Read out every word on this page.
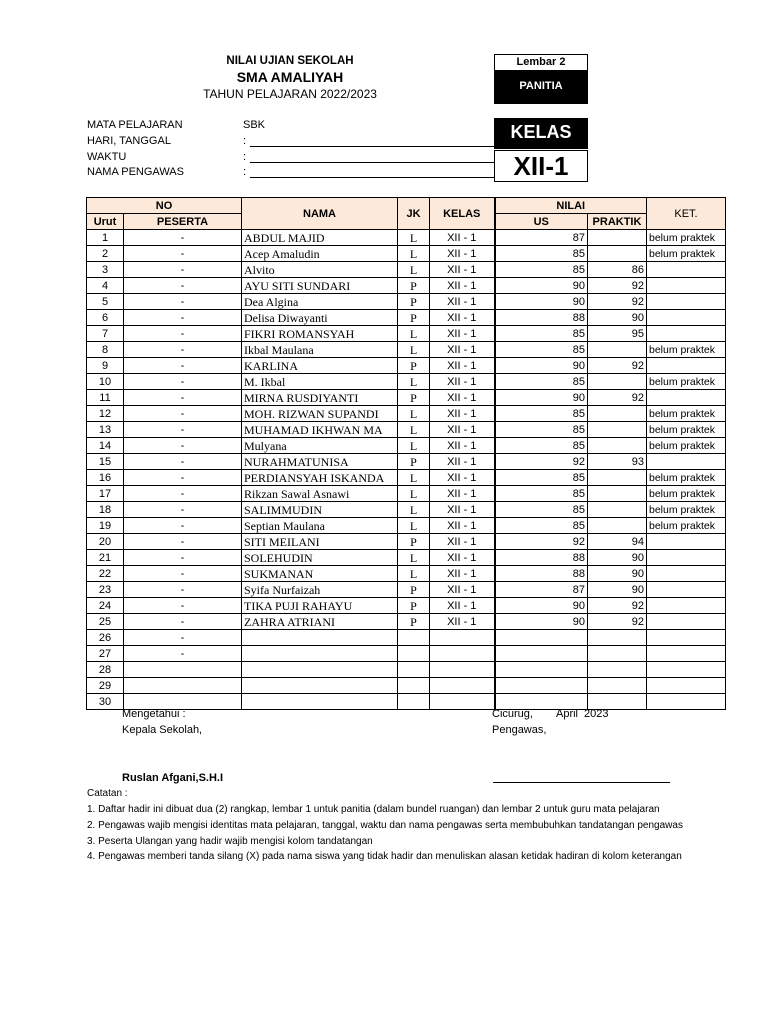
NILAI UJIAN SEKOLAH
SMA AMALIYAH
TAHUN PELAJARAN 2022/2023
Lembar 2
PANITIA
KELAS
XII-1
MATA PELAJARAN	SBK
HARI, TANGGAL	:
WAKTU	:
NAMA PENGAWAS	:
NO		NAMA	JK	KELAS	NILAI		KET.
Urut	PESERTA				US	PRAKTIK	
1	-	ABDUL MAJID	L	XII - 1	87		belum praktek
2	-	Acep Amaludin	L	XII - 1	85		belum praktek
3	-	Alvito	L	XII - 1	85	86	
4	-	AYU SITI SUNDARI	P	XII - 1	90	92	
5	-	Dea Algina	P	XII - 1	90	92	
6	-	Delisa Diwayanti	P	XII - 1	88	90	
7	-	FIKRI ROMANSYAH	L	XII - 1	85	95	
8	-	Ikbal Maulana	L	XII - 1	85		belum praktek
9	-	KARLINA	P	XII - 1	90	92	
10	-	M. Ikbal	L	XII - 1	85		belum praktek
11	-	MIRNA RUSDIYANTI	P	XII - 1	90	92	
12	-	MOH. RIZWAN SUPANDI	L	XII - 1	85		belum praktek
13	-	MUHAMAD IKHWAN MA	L	XII - 1	85		belum praktek
14	-	Mulyana	L	XII - 1	85		belum praktek
15	-	NURAHMATUNISA	P	XII - 1	92	93	
16	-	PERDIANSYAH ISKANDA	L	XII - 1	85		belum praktek
17	-	Rikzan Sawal Asnawi	L	XII - 1	85		belum praktek
18	-	SALIMMUDIN	L	XII - 1	85		belum praktek
19	-	Septian Maulana	L	XII - 1	85		belum praktek
20	-	SITI MEILANI	P	XII - 1	92	94	
21	-	SOLEHUDIN	L	XII - 1	88	90	
22	-	SUKMANAN	L	XII - 1	88	90	
23	-	Syifa Nurfaizah	P	XII - 1	87	90	
24	-	TIKA PUJI RAHAYU	P	XII - 1	90	92	
25	-	ZAHRA ATRIANI	P	XII - 1	90	92	
26	-						
27	-						
28							
29							
30							
Mengetahui :
Kepala Sekolah,
Cicurug, April 2023
Pengawas,
Ruslan Afgani,S.H.I
Catatan :
1. Daftar hadir ini dibuat dua (2) rangkap, lembar 1 untuk panitia (dalam bundel ruangan) dan lembar 2 untuk guru mata pelajaran
2. Pengawas wajib mengisi identitas mata pelajaran, tanggal, waktu dan nama pengawas serta membubuhkan tandatangan pengawas
3. Peserta Ulangan yang hadir wajib mengisi kolom tandatangan
4. Pengawas memberi tanda silang (X) pada nama siswa yang tidak hadir dan menuliskan alasan ketidak hadiran di kolom keterangan
